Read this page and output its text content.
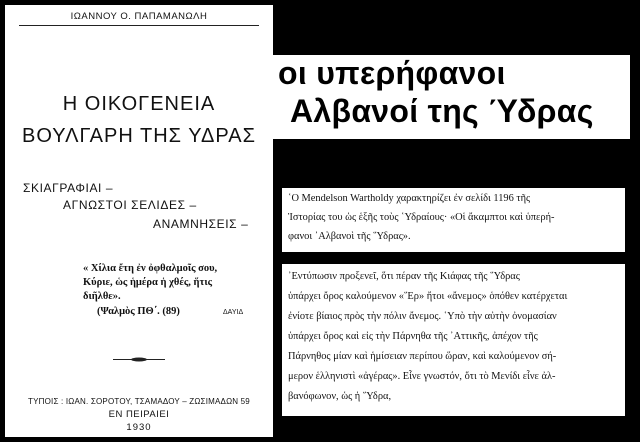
ΙΩΑΝΝΟΥ Ο. ΠΑΠΑΜΑΝΩΛΗ
Η ΟΙΚΟΓΕΝΕΙΑ
ΒΟΥΛΓΑΡΗ ΤΗΣ ΥΔΡΑΣ
ΣΚΙΑΓΡΑΦΙΑΙ –
ΑΓΝΩΣΤΟΙ ΣΕΛΙΔΕΣ –
ΑΝΑΜΝΗΣΕΙΣ –
« Χίλια ἔτη ἐν ὀφθαλμοῖς σου,
Κύριε, ὡς ἡμέρα ἡ χθές, ἥτις
διῆλθε».
(Ψαλμὸς ΠΘ΄. (89)	ΔΑΥΙΔ
ΤΥΠΟΙΣ : ΙΩΑΝ. ΣΟΡΟΤΟΥ, ΤΣΑΜΑΔΟΥ – ΖΩΣΙΜΑΔΩΝ 59
ΕΝ ΠΕΙΡΑΙΕΙ
1930
οι υπερήφανοι
Αλβανοί της Ύδρας
῾Ο Mendelson Wartholdy χαρακτηρίζει ἐν σελίδι 1196 τῆς
Ἱστορίας του ὡς ἑξῆς τοὺς ῾Υδραίους· «Οἱ ἄκαμπτοι καὶ ὑπερή-
φανοι ᾿Αλβανοὶ τῆς ῞Υδρας».
᾿Εντύπωσιν προξενεῖ, ὅτι πέραν τῆς Κιάφας τῆς ῞Υδρας
ὑπάρχει ὄρος καλούμενον «῞Ερ» ἤτοι «ἄνεμος» ὁπόθεν κατέρχεται
ἐνίοτε βίαιος πρὸς τὴν πόλιν ἄνεμος. ῾Υπὸ τὴν αὐτὴν ὀνομασίαν
ὑπάρχει ὄρος καὶ εἰς τὴν Πάρνηθα τῆς ᾿Αττικῆς, ἀπέχον τῆς
Πάρνηθος μίαν καὶ ἡμίσειαν περίπου ὥραν, καὶ καλούμενον σή-
μερον ἑλληνιστὶ «ἀγέρας». Εἶνε γνωστόν, ὅτι τὸ Μενίδι εἶνε ἀλ-
βανόφωνον, ὡς ἡ ῞Υδρα,
